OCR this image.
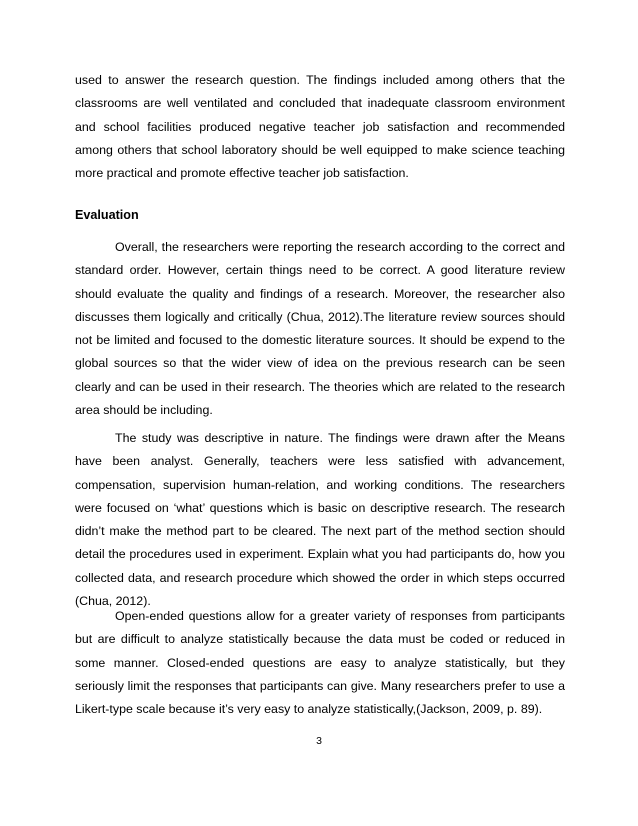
used to answer the research question. The findings included among others that the classrooms are well ventilated and concluded that inadequate classroom environment and school facilities produced negative teacher job satisfaction and recommended among others that school laboratory should be well equipped to make science teaching more practical and promote effective teacher job satisfaction.

Evaluation

Overall, the researchers were reporting the research according to the correct and standard order. However, certain things need to be correct. A good literature review should evaluate the quality and findings of a research. Moreover, the researcher also discusses them logically and critically (Chua, 2012).The literature review sources should not be limited and focused to the domestic literature sources. It should be expend to the global sources so that the wider view of idea on the previous research can be seen clearly and can be used in their research. The theories which are related to the research area should be including.

The study was descriptive in nature. The findings were drawn after the Means have been analyst. Generally, teachers were less satisfied with advancement, compensation, supervision human-relation, and working conditions. The researchers were focused on ‘what’ questions which is basic on descriptive research. The research didn’t make the method part to be cleared. The next part of the method section should detail the procedures used in experiment. Explain what you had participants do, how you collected data, and research procedure which showed the order in which steps occurred (Chua, 2012).

Open-ended questions allow for a greater variety of responses from participants but are difficult to analyze statistically because the data must be coded or reduced in some manner. Closed-ended questions are easy to analyze statistically, but they seriously limit the responses that participants can give. Many researchers prefer to use a Likert-type scale because it’s very easy to analyze statistically,(Jackson, 2009, p. 89).

3
